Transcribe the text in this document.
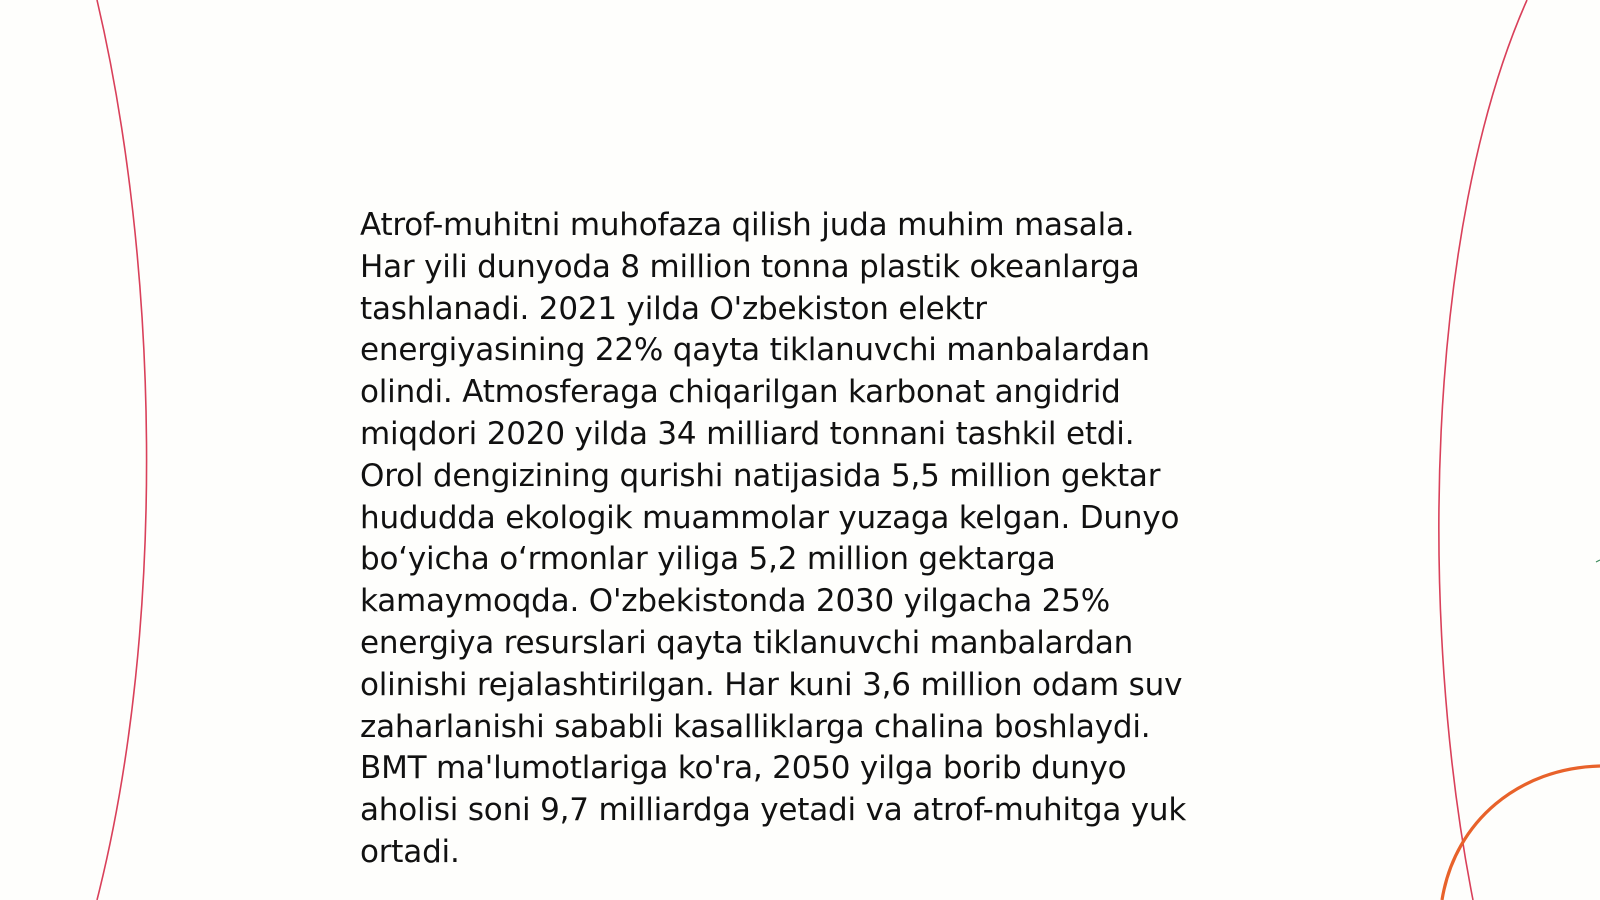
Atrof-muhitni muhofaza qilish juda muhim masala.
Har yili dunyoda 8 million tonna plastik okeanlarga
tashlanadi. 2021 yilda O'zbekiston elektr
energiyasining 22% qayta tiklanuvchi manbalardan
olindi. Atmosferaga chiqarilgan karbonat angidrid
miqdori 2020 yilda 34 milliard tonnani tashkil etdi.
Orol dengizining qurishi natijasida 5,5 million gektar
hududda ekologik muammolar yuzaga kelgan. Dunyo
bo‘yicha o‘rmonlar yiliga 5,2 million gektarga
kamaymoqda. O'zbekistonda 2030 yilgacha 25%
energiya resurslari qayta tiklanuvchi manbalardan
olinishi rejalashtirilgan. Har kuni 3,6 million odam suv
zaharlanishi sababli kasalliklarga chalina boshlaydi.
BMT ma'lumotlariga ko'ra, 2050 yilga borib dunyo
aholisi soni 9,7 milliardga yetadi va atrof-muhitga yuk
ortadi.
